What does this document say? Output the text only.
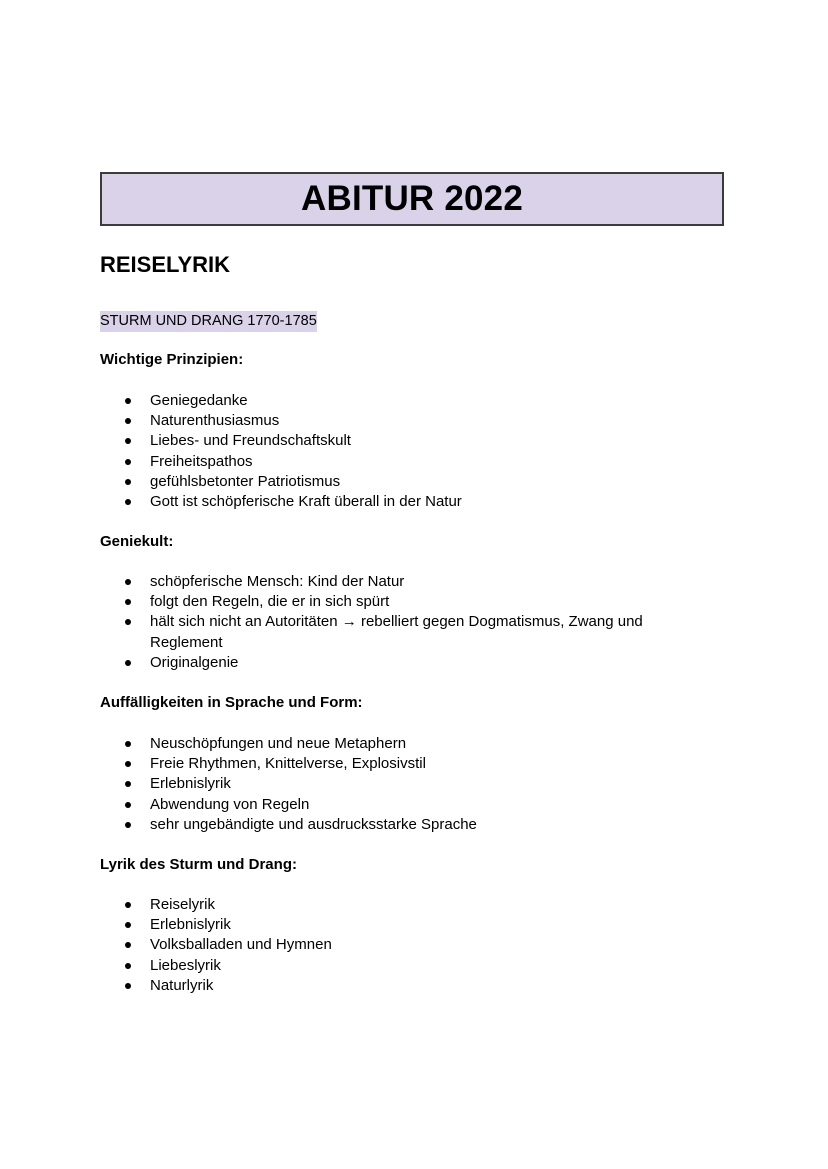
ABITUR 2022
REISELYRIK
STURM UND DRANG 1770-1785
Wichtige Prinzipien:
Geniegedanke
Naturenthusiasmus
Liebes- und Freundschaftskult
Freiheitspathos
gefühlsbetonter Patriotismus
Gott ist schöpferische Kraft überall in der Natur
Geniekult:
schöpferische Mensch: Kind der Natur
folgt den Regeln, die er in sich spürt
hält sich nicht an Autoritäten → rebelliert gegen Dogmatismus, Zwang und Reglement
Originalgenie
Auffälligkeiten in Sprache und Form:
Neuschöpfungen und neue Metaphern
Freie Rhythmen, Knittelverse, Explosivstil
Erlebnislyrik
Abwendung von Regeln
sehr ungebändigte und ausdrucksstarke Sprache
Lyrik des Sturm und Drang:
Reiselyrik
Erlebnislyrik
Volksballaden und Hymnen
Liebeslyrik
Naturlyrik
